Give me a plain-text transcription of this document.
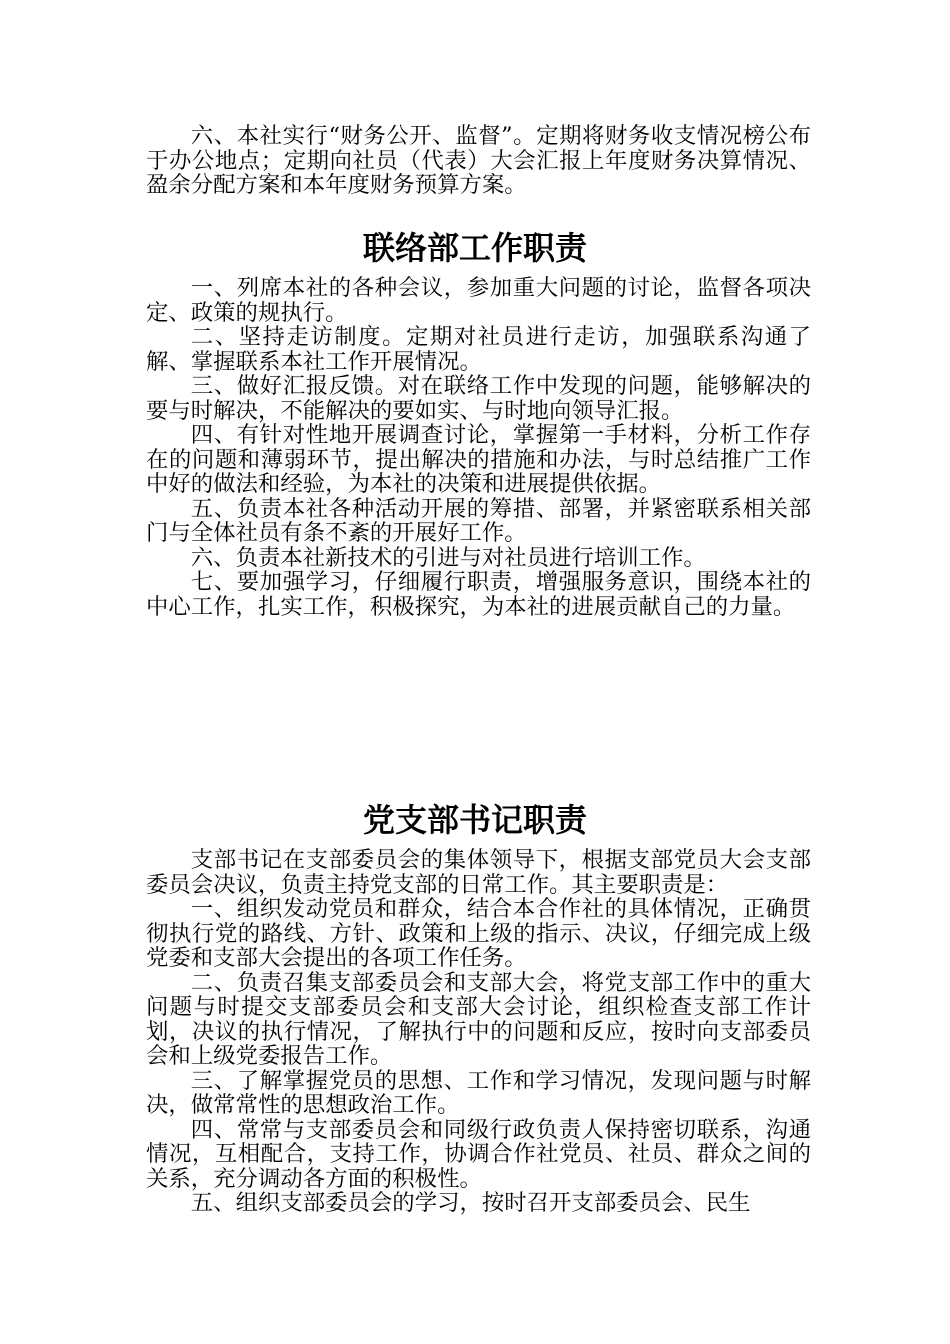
六、本社实行“财务公开、监督”。定期将财务收支情况榜公布于办公地点；定期向社员（代表）大会汇报上年度财务决算情况、盈余分配方案和本年度财务预算方案。

联络部工作职责

一、列席本社的各种会议，参加重大问题的讨论，监督各项决定、政策的规执行。

二、坚持走访制度。定期对社员进行走访，加强联系沟通了解、掌握联系本社工作开展情况。

三、做好汇报反馈。对在联络工作中发现的问题，能够解决的要与时解决，不能解决的要如实、与时地向领导汇报。

四、有针对性地开展调查讨论，掌握第一手材料，分析工作存在的问题和薄弱环节，提出解决的措施和办法，与时总结推广工作中好的做法和经验，为本社的决策和进展提供依据。

五、负责本社各种活动开展的筹措、部署，并紧密联系相关部门与全体社员有条不紊的开展好工作。

六、负责本社新技术的引进与对社员进行培训工作。

七、要加强学习，仔细履行职责，增强服务意识，围绕本社的中心工作，扎实工作，积极探究，为本社的进展贡献自己的力量。

党支部书记职责

支部书记在支部委员会的集体领导下，根据支部党员大会支部委员会决议，负责主持党支部的日常工作。其主要职责是：

一、组织发动党员和群众，结合本合作社的具体情况，正确贯彻执行党的路线、方针、政策和上级的指示、决议，仔细完成上级党委和支部大会提出的各项工作任务。

二、负责召集支部委员会和支部大会，将党支部工作中的重大问题与时提交支部委员会和支部大会讨论，组织检查支部工作计划，决议的执行情况，了解执行中的问题和反应，按时向支部委员会和上级党委报告工作。

三、了解掌握党员的思想、工作和学习情况，发现问题与时解决，做常常性的思想政治工作。

四、常常与支部委员会和同级行政负责人保持密切联系，沟通情况，互相配合，支持工作，协调合作社党员、社员、群众之间的关系，充分调动各方面的积极性。

五、组织支部委员会的学习，按时召开支部委员会、民生
